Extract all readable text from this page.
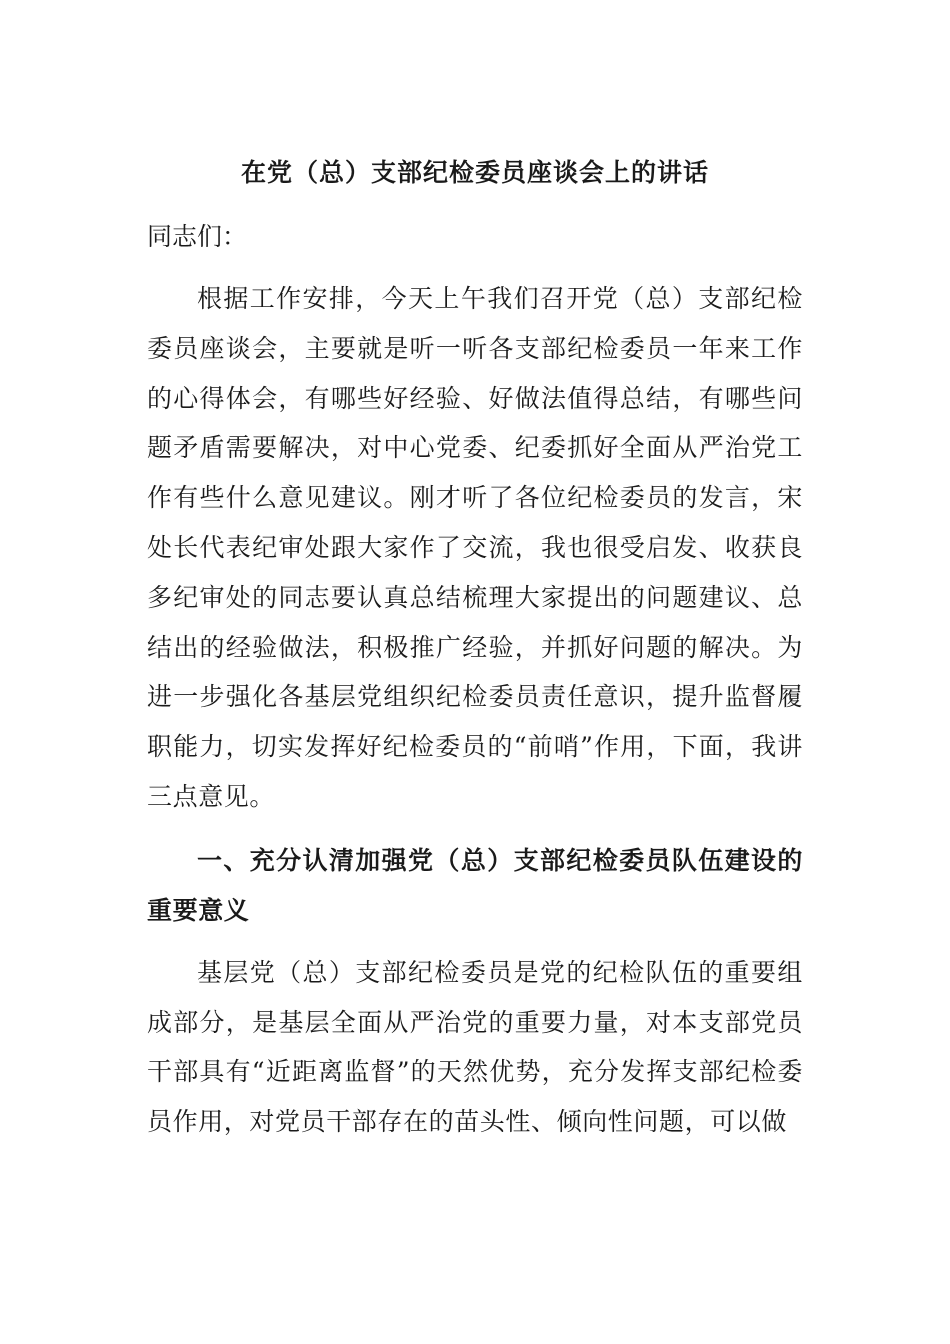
在党（总）支部纪检委员座谈会上的讲话

同志们：

根据工作安排，今天上午我们召开党（总）支部纪检委员座谈会，主要就是听一听各支部纪检委员一年来工作的心得体会，有哪些好经验、好做法值得总结，有哪些问题矛盾需要解决，对中心党委、纪委抓好全面从严治党工作有些什么意见建议。刚才听了各位纪检委员的发言，宋处长代表纪审处跟大家作了交流，我也很受启发、收获良多纪审处的同志要认真总结梳理大家提出的问题建议、总结出的经验做法，积极推广经验，并抓好问题的解决。为进一步强化各基层党组织纪检委员责任意识，提升监督履职能力，切实发挥好纪检委员的“前哨”作用，下面，我讲三点意见。

一、充分认清加强党（总）支部纪检委员队伍建设的重要意义

基层党（总）支部纪检委员是党的纪检队伍的重要组成部分，是基层全面从严治党的重要力量，对本支部党员干部具有“近距离监督”的天然优势，充分发挥支部纪检委员作用，对党员干部存在的苗头性、倾向性问题，可以做
